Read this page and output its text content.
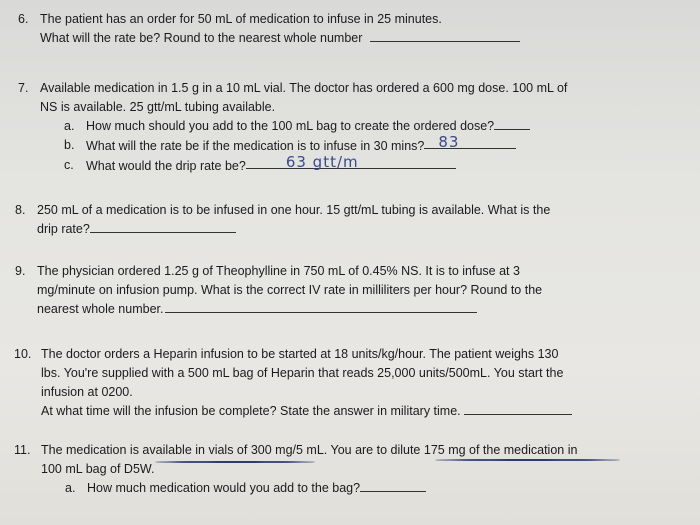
6. The patient has an order for 50 mL of medication to infuse in 25 minutes.
What will the rate be? Round to the nearest whole number
7. Available medication in 1.5 g in a 10 mL vial. The doctor has ordered a 600 mg dose. 100 mL of
NS is available. 25 gtt/mL tubing available.
a. How much should you add to the 100 mL bag to create the ordered dose?
b. What will the rate be if the medication is to infuse in 30 mins? 83
c. What would the drip rate be?	63 gtt/m
8. 250 mL of a medication is to be infused in one hour. 15 gtt/mL tubing is available. What is the
drip rate?
9. The physician ordered 1.25 g of Theophylline in 750 mL of 0.45% NS. It is to infuse at 3
mg/minute on infusion pump. What is the correct IV rate in milliliters per hour? Round to the
nearest whole number.
10. The doctor orders a Heparin infusion to be started at 18 units/kg/hour. The patient weighs 130
lbs. You're supplied with a 500 mL bag of Heparin that reads 25,000 units/500mL. You start the
infusion at 0200.
At what time will the infusion be complete? State the answer in military time.
11. The medication is available in vials of 300 mg/5 mL. You are to dilute 175 mg of the medication in
100 mL bag of D5W.
a. How much medication would you add to the bag?
